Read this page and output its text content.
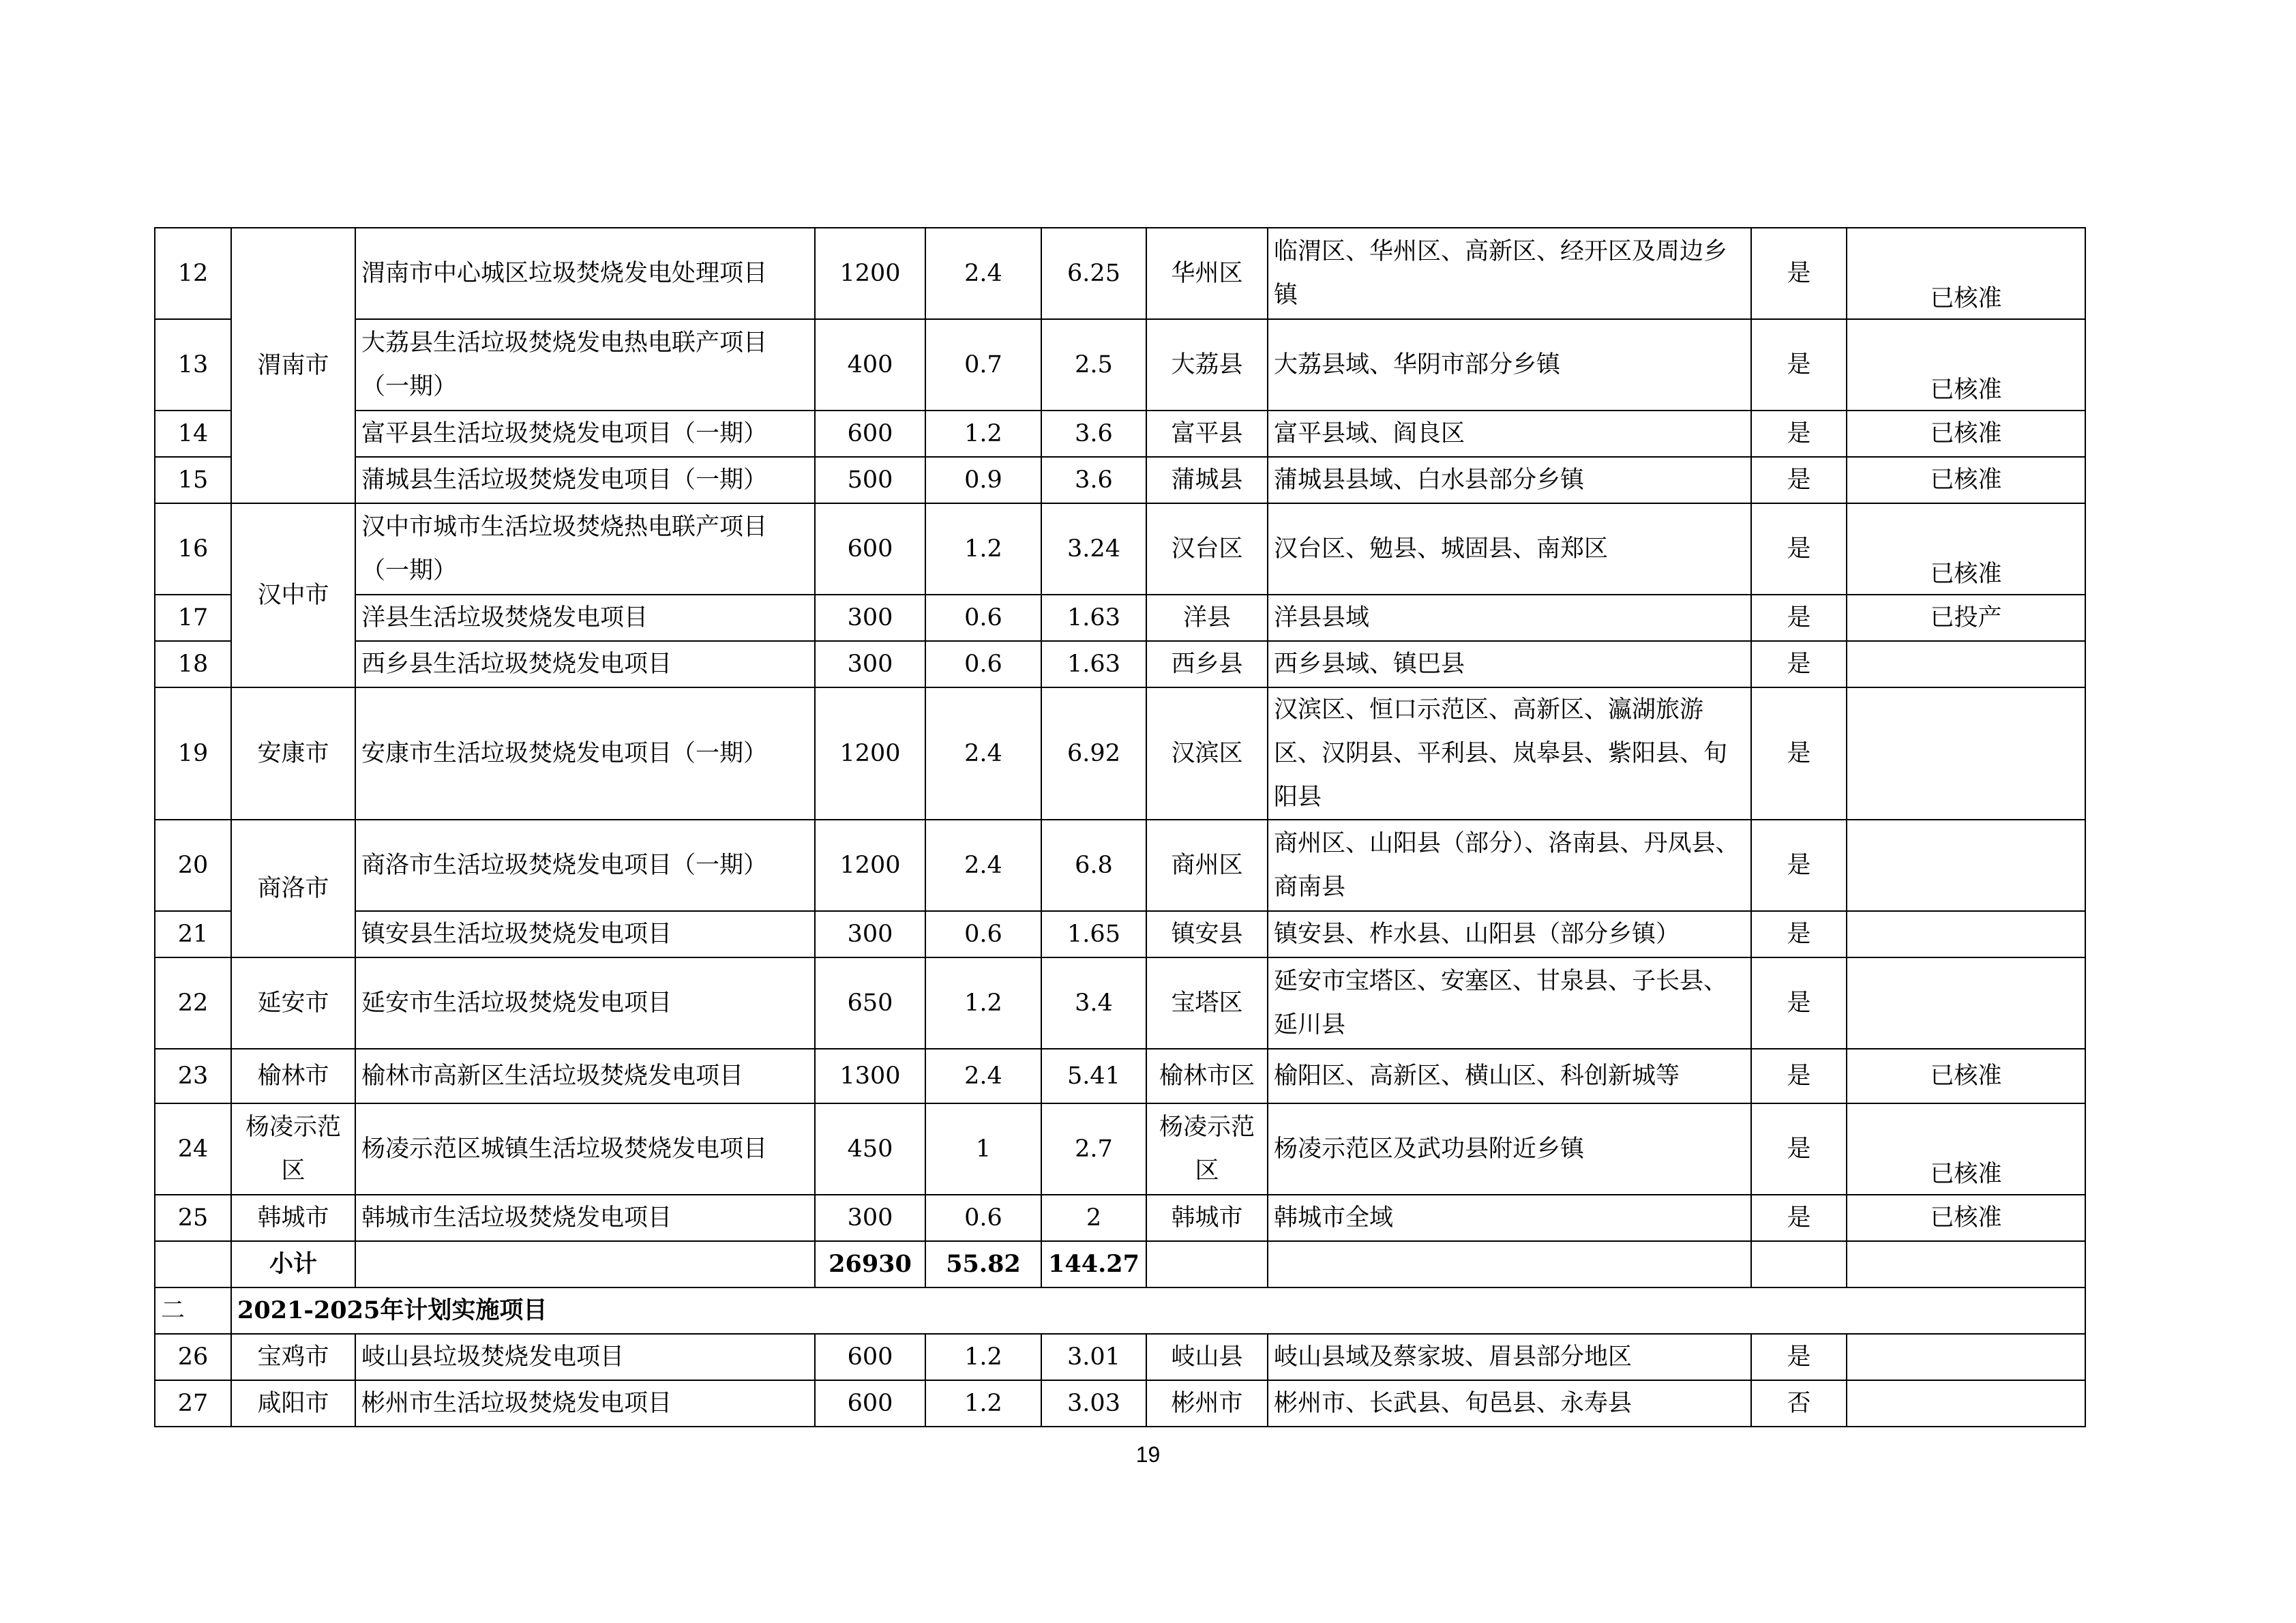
12	渭南市	渭南市中心城区垃圾焚烧发电处理项目	1200	2.4	6.25	华州区	临渭区、华州区、高新区、经开区及周边乡镇	是	已核准

13		大荔县生活垃圾焚烧发电热电联产项目（一期）	400	0.7	2.5	大荔县	大荔县域、华阴市部分乡镇	是	已核准

14		富平县生活垃圾焚烧发电项目（一期）	600	1.2	3.6	富平县	富平县域、阎良区	是	已核准
15		蒲城县生活垃圾焚烧发电项目（一期）	500	0.9	3.6	蒲城县	蒲城县县域、白水县部分乡镇	是	已核准
16	汉中市	汉中市城市生活垃圾焚烧热电联产项目（一期）	600	1.2	3.24	汉台区	汉台区、勉县、城固县、南郑区	是	已核准

17		洋县生活垃圾焚烧发电项目	300	0.6	1.63	洋县	洋县县域	是	已投产
18		西乡县生活垃圾焚烧发电项目	300	0.6	1.63	西乡县	西乡县域、镇巴县	是	
19	安康市	安康市生活垃圾焚烧发电项目（一期）	1200	2.4	6.92	汉滨区	汉滨区、恒口示范区、高新区、瀛湖旅游区、汉阴县、平利县、岚皋县、紫阳县、旬阳县	是	
20	商洛市	商洛市生活垃圾焚烧发电项目（一期）	1200	2.4	6.8	商州区	商州区、山阳县（部分）、洛南县、丹凤县、商南县	是	
21		镇安县生活垃圾焚烧发电项目	300	0.6	1.65	镇安县	镇安县、柞水县、山阳县（部分乡镇）	是	
22	延安市	延安市生活垃圾焚烧发电项目	650	1.2	3.4	宝塔区	延安市宝塔区、安塞区、甘泉县、子长县、延川县	是	
23	榆林市	榆林市高新区生活垃圾焚烧发电项目	1300	2.4	5.41	榆林市区	榆阳区、高新区、横山区、科创新城等	是	已核准
24	杨凌示范区	杨凌示范区城镇生活垃圾焚烧发电项目	450	1	2.7	杨凌示范区	杨凌示范区及武功县附近乡镇	是	已核准

25	韩城市	韩城市生活垃圾焚烧发电项目	300	0.6	2	韩城市	韩城市全域	是	已核准
	小计		26930	55.82	144.27				
二	2021-2025年计划实施项目								
26	宝鸡市	岐山县垃圾焚烧发电项目	600	1.2	3.01	岐山县	岐山县域及蔡家坡、眉县部分地区	是	
27	咸阳市	彬州市生活垃圾焚烧发电项目	600	1.2	3.03	彬州市	彬州市、长武县、旬邑县、永寿县	否	
19
